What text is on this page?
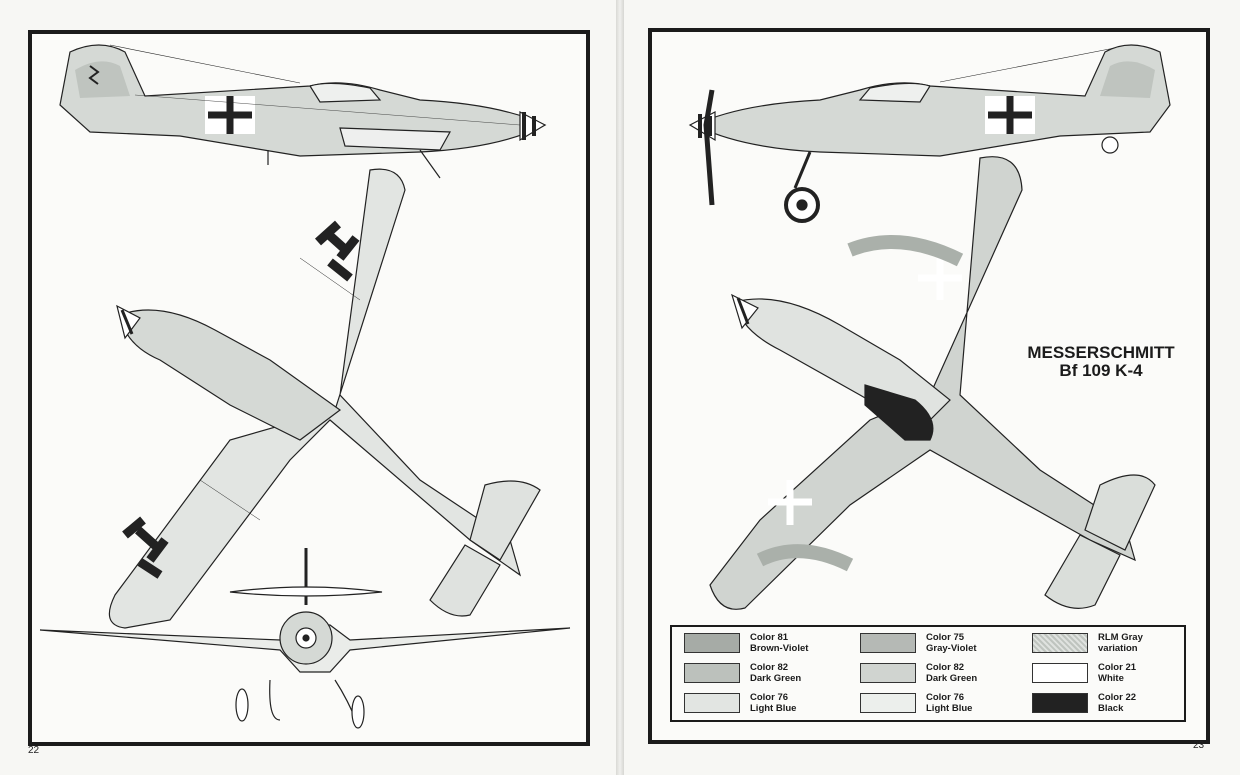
MESSERSCHMITT
Bf 109 K-4
Color 81
Brown-Violet
Color 82
Dark Green
Color 76
Light Blue
Color 75
Gray-Violet
Color 82
Dark Green
Color 76
Light Blue
RLM Gray
variation
Color 21
White
Color 22
Black
22	23
